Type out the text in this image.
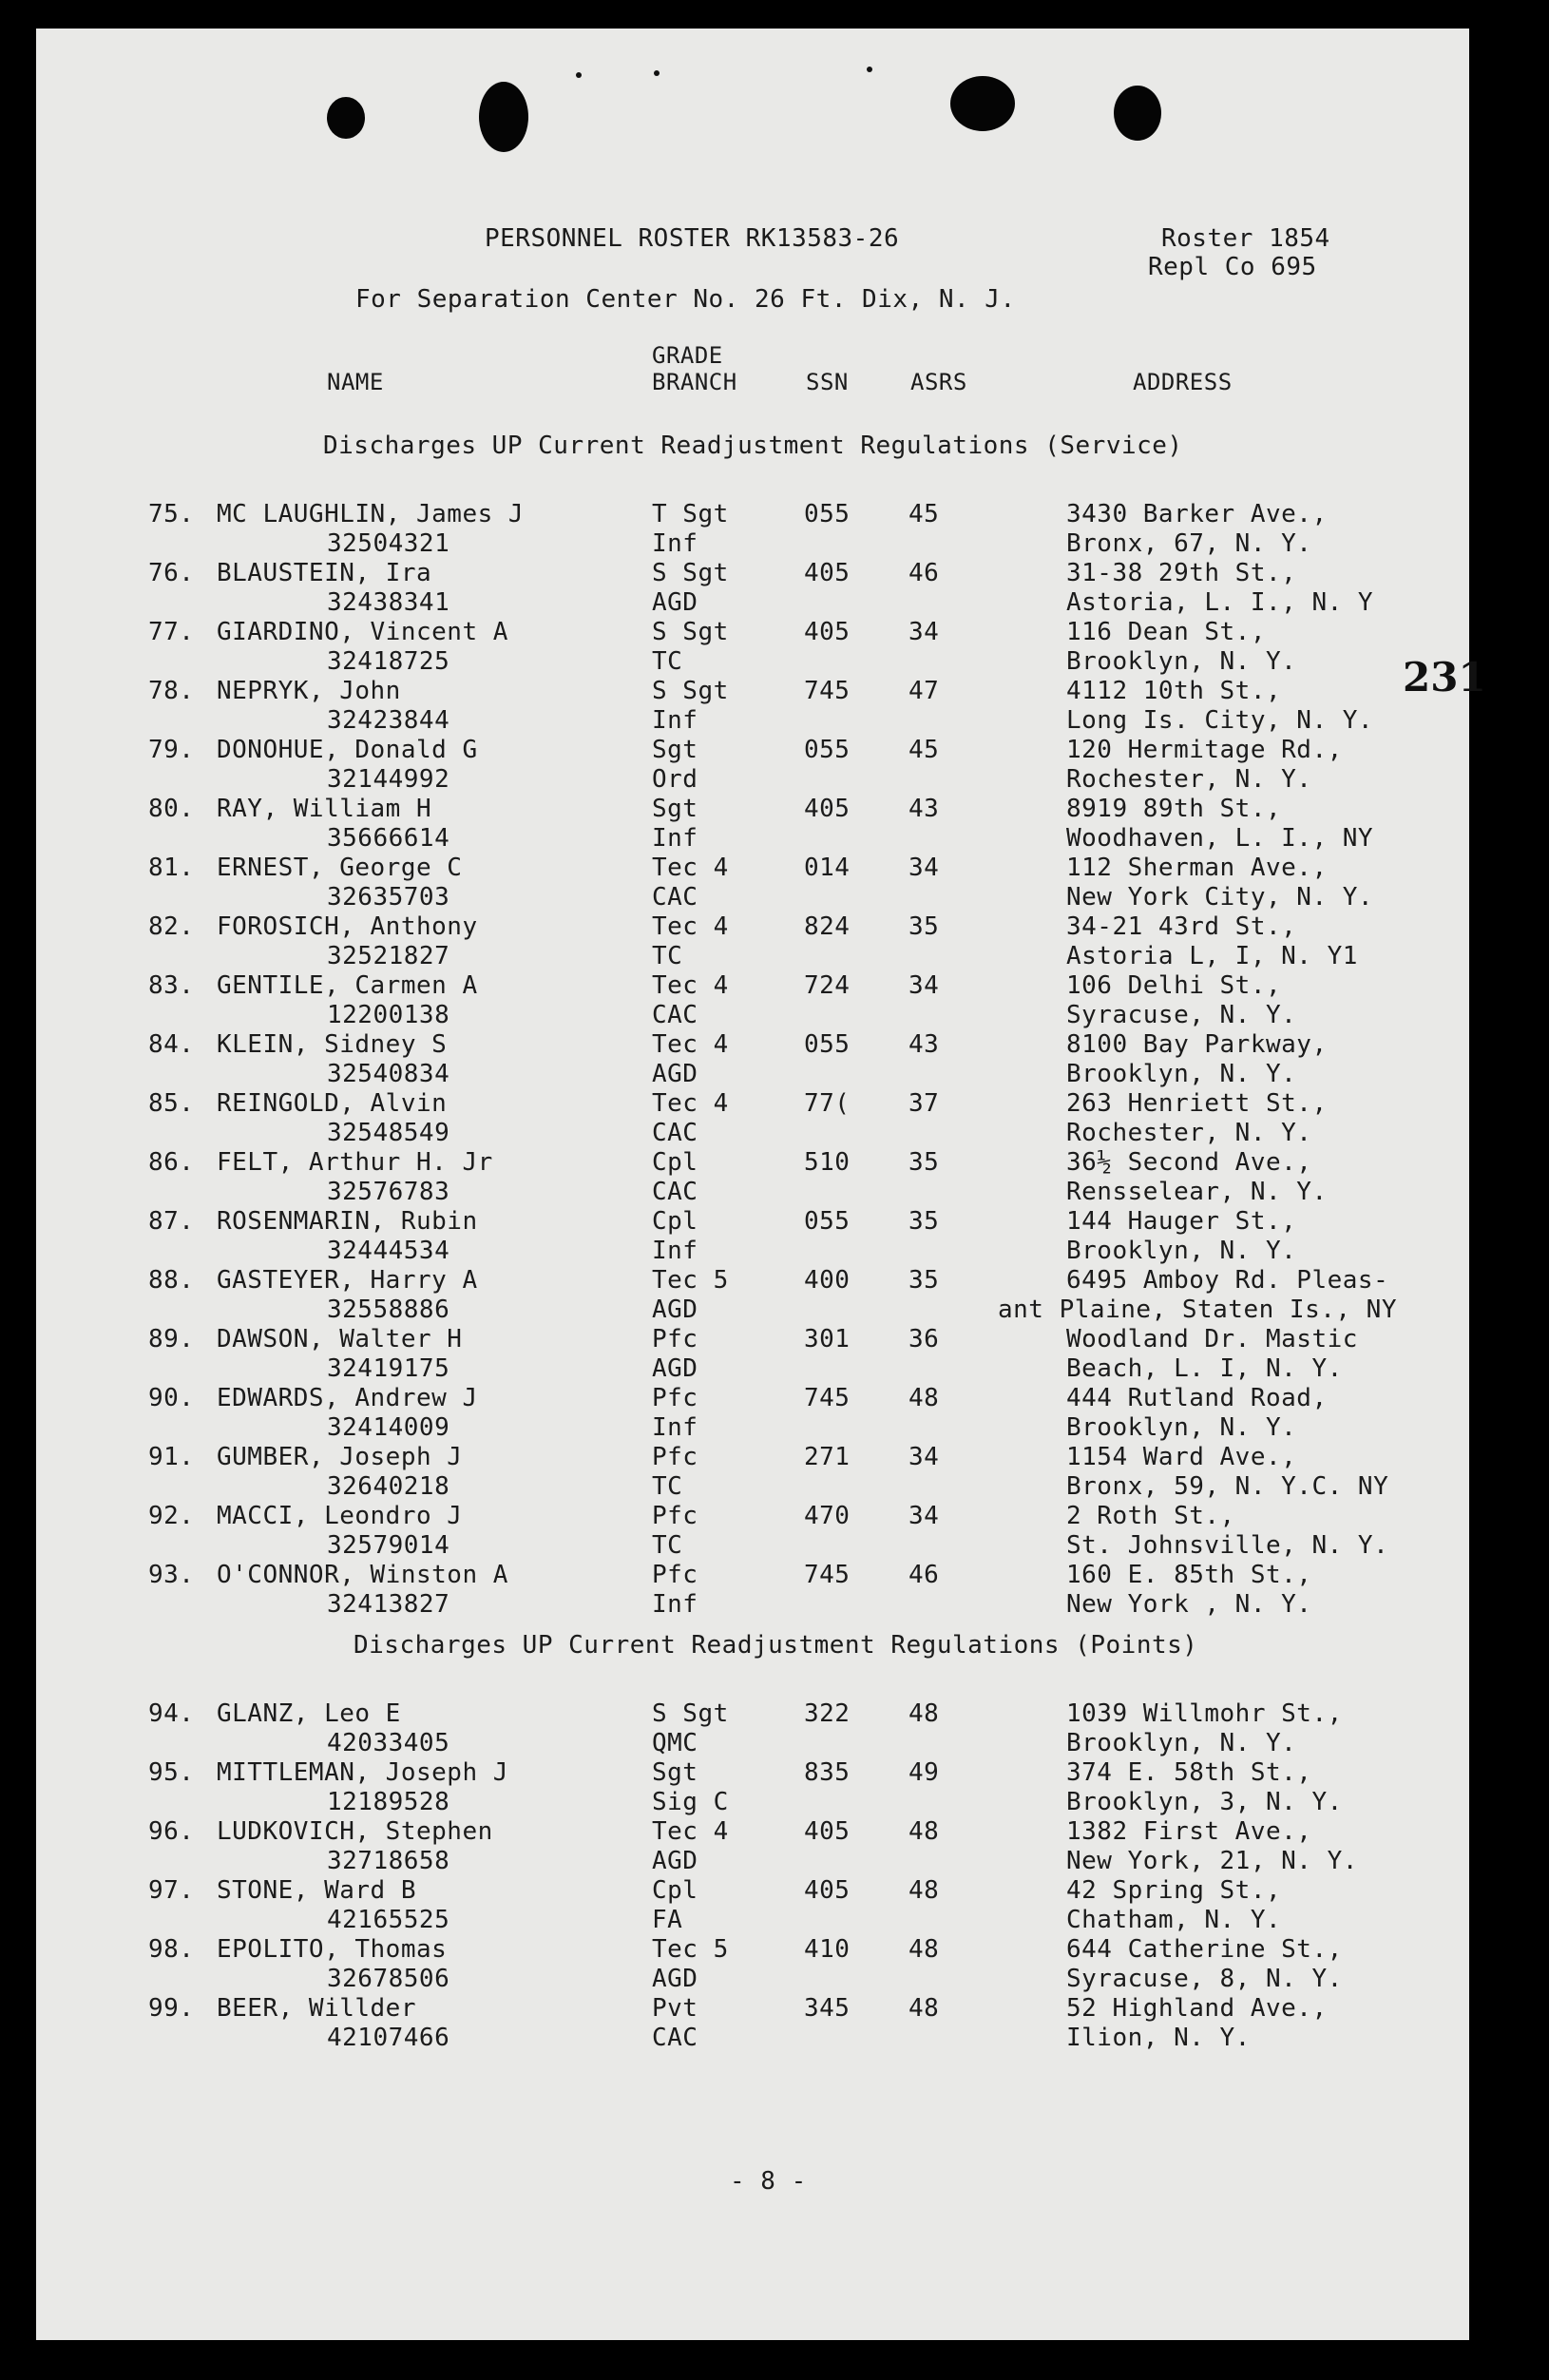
PERSONNEL ROSTER RK13583-26	Roster 1854
Repl Co 695
For Separation Center No. 26 Ft. Dix, N. J.
NAME
GRADE
BRANCH	SSN	ASRS	ADDRESS
Discharges UP Current Readjustment Regulations (Service)
75. MC LAUGHLIN, James J	T Sgt	055 45	3430 Barker Ave.,
32504321	Inf	Bronx, 67, N. Y.
76. BLAUSTEIN, Ira	S Sgt	405 46	31-38 29th St.,
32438341	AGD	Astoria, L. I., N. Y
77. GIARDINO, Vincent A	S Sgt	405 34	116 Dean St.,
32418725	TC	Brooklyn, N. Y.
78. NEPRYK, John	S Sgt	745 47	4112 10th St.,
32423844	Inf	Long Is. City, N. Y.
79. DONOHUE, Donald G	Sgt	055 45	120 Hermitage Rd.,
32144992	Ord	Rochester, N. Y.
80. RAY, William H	Sgt	405 43	8919 89th St.,
35666614	Inf	Woodhaven, L. I., NY
81. ERNEST, George C	Tec 4	014 34	112 Sherman Ave.,
32635703	CAC	New York City, N. Y.
82. FOROSICH, Anthony	Tec 4	824 35	34-21 43rd St.,
32521827	TC	Astoria L, I, N. Y1
83. GENTILE, Carmen A	Tec 4	724 34	106 Delhi St.,
12200138	CAC	Syracuse, N. Y.
84. KLEIN, Sidney S	Tec 4	055 43	8100 Bay Parkway,
32540834	AGD	Brooklyn, N. Y.
85. REINGOLD, Alvin	Tec 4	77( 37	263 Henriett St.,
32548549	CAC	Rochester, N. Y.
86. FELT, Arthur H. Jr	Cpl	510 35	36½ Second Ave.,
32576783	CAC	Rensselear, N. Y.
87. ROSENMARIN, Rubin	Cpl	055 35	144 Hauger St.,
32444534	Inf	Brooklyn, N. Y.
88. GASTEYER, Harry A	Tec 5	400 35	6495 Amboy Rd. Pleas-
32558886	AGD	ant Plaine, Staten Is., NY
89. DAWSON, Walter H	Pfc	301 36	Woodland Dr. Mastic
32419175	AGD	Beach, L. I, N. Y.
90. EDWARDS, Andrew J	Pfc	745 48	444 Rutland Road,
32414009	Inf	Brooklyn, N. Y.
91. GUMBER, Joseph J	Pfc	271 34	1154 Ward Ave.,
32640218	TC	Bronx, 59, N. Y.C. NY
92. MACCI, Leondro J	Pfc	470 34	2 Roth St.,
32579014	TC	St. Johnsville, N. Y.
93. O'CONNOR, Winston A	Pfc	745 46	160 E. 85th St.,
32413827	Inf	New York , N. Y.
Discharges UP Current Readjustment Regulations (Points)
94. GLANZ, Leo E	S Sgt	322 48	1039 Willmohr St.,
42033405	QMC	Brooklyn, N. Y.
95. MITTLEMAN, Joseph J	Sgt	835 49	374 E. 58th St.,
12189528	Sig C	Brooklyn, 3, N. Y.
96. LUDKOVICH, Stephen	Tec 4	405 48	1382 First Ave.,
32718658	AGD	New York, 21, N. Y.
97. STONE, Ward B	Cpl	405 48	42 Spring St.,
42165525	FA	Chatham, N. Y.
98. EPOLITO, Thomas	Tec 5	410 48	644 Catherine St.,
32678506	AGD	Syracuse, 8, N. Y.
99. BEER, Willder	Pvt	345 48	52 Highland Ave.,
42107466	CAC	Ilion, N. Y.
231
- 8 -
